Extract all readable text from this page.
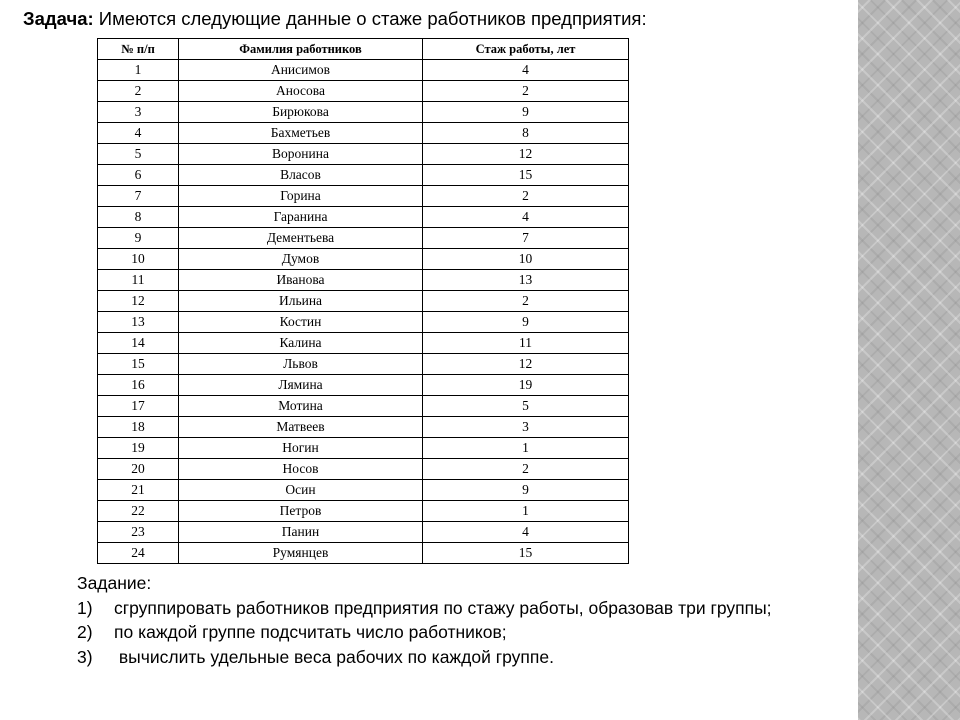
Задача: Имеются следующие данные о стаже работников предприятия:
№ п/п	Фамилия работников	Стаж работы, лет
1	Анисимов	4
2	Аносова	2
3	Бирюкова	9
4	Бахметьев	8
5	Воронина	12
6	Власов	15
7	Горина	2
8	Гаранина	4
9	Дементьева	7
10	Думов	10
11	Иванова	13
12	Ильина	2
13	Костин	9
14	Калина	11
15	Львов	12
16	Лямина	19
17	Мотина	5
18	Матвеев	3
19	Ногин	1
20	Носов	2
21	Осин	9
22	Петров	1
23	Панин	4
24	Румянцев	15

Задание:

1)	сгруппировать работников предприятия по стажу работы, образовав три группы;
2)	по каждой группе подсчитать число работников;
3)	вычислить удельные веса рабочих по каждой группе.
